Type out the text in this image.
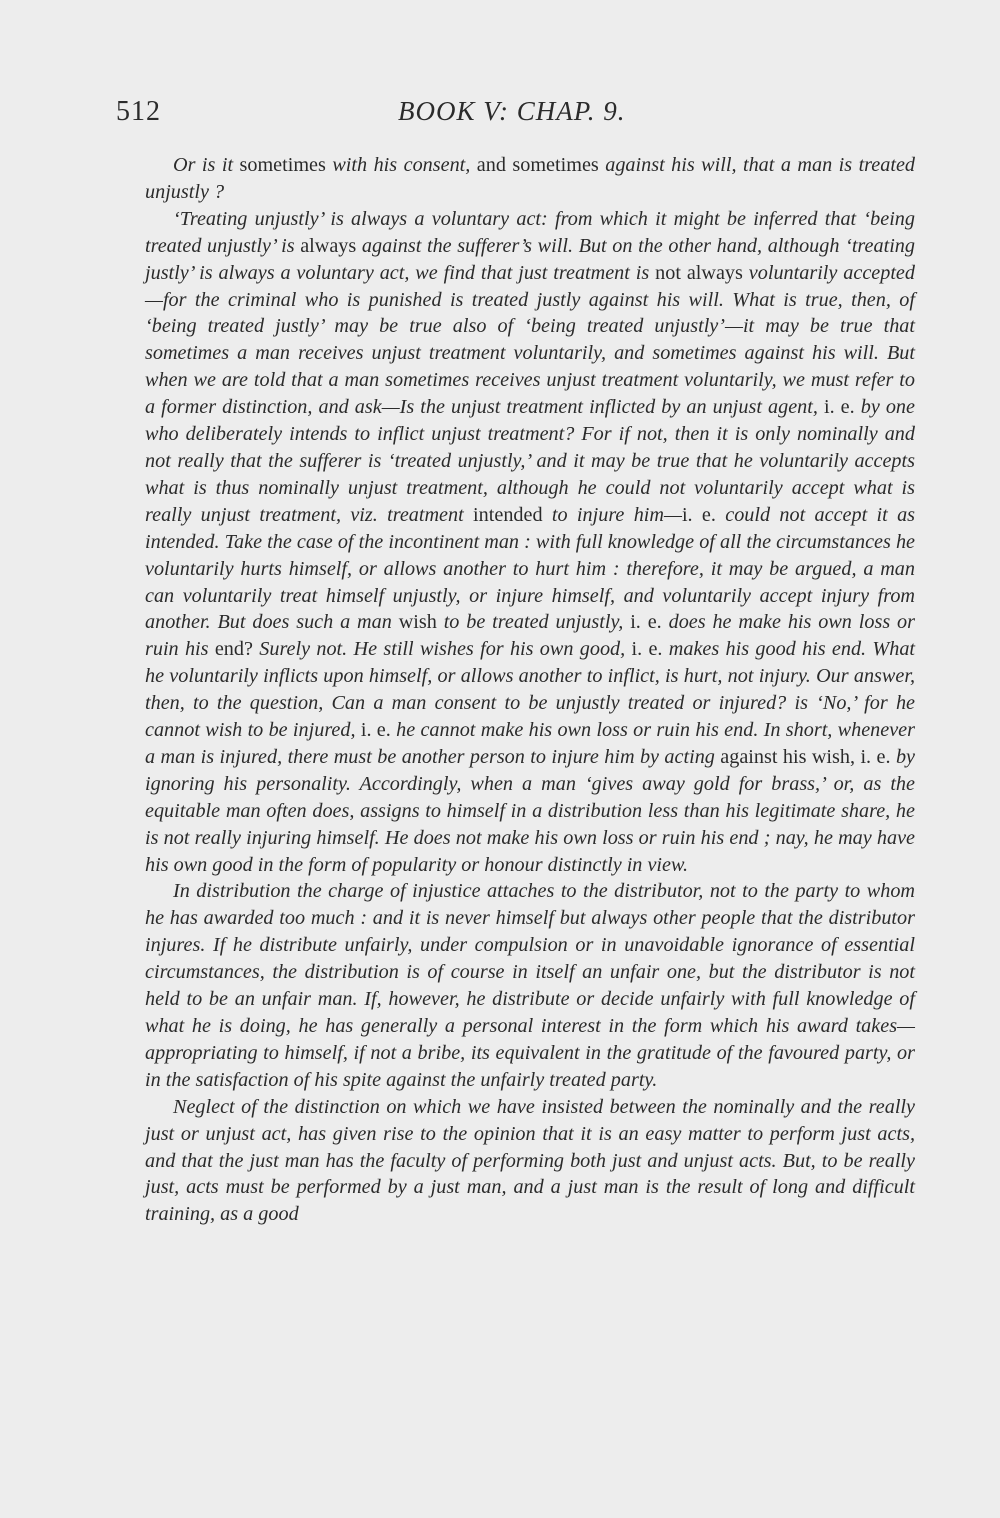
512	BOOK V: CHAP. 9.

Or is it sometimes with his consent, and sometimes against his will, that a man is treated unjustly ?

‘Treating unjustly’ is always a voluntary act: from which it might be inferred that ‘being treated unjustly’ is always against the sufferer’s will. But on the other hand, although ‘treating justly’ is always a voluntary act, we find that just treatment is not always voluntarily accepted—for the criminal who is punished is treated justly against his will. What is true, then, of ‘being treated justly’ may be true also of ‘being treated unjustly’—it may be true that sometimes a man receives unjust treatment voluntarily, and sometimes against his will. But when we are told that a man sometimes receives unjust treatment voluntarily, we must refer to a former distinction, and ask—Is the unjust treatment inflicted by an unjust agent, i. e. by one who deliberately intends to inflict unjust treatment? For if not, then it is only nominally and not really that the sufferer is ‘treated unjustly,’ and it may be true that he voluntarily accepts what is thus nominally unjust treatment, although he could not voluntarily accept what is really unjust treatment, viz. treatment intended to injure him—i. e. could not accept it as intended. Take the case of the incontinent man : with full knowledge of all the circumstances he voluntarily hurts himself, or allows another to hurt him : therefore, it may be argued, a man can voluntarily treat himself unjustly, or injure himself, and voluntarily accept injury from another. But does such a man wish to be treated unjustly, i. e. does he make his own loss or ruin his end? Surely not. He still wishes for his own good, i. e. makes his good his end. What he voluntarily inflicts upon himself, or allows another to inflict, is hurt, not injury. Our answer, then, to the question, Can a man consent to be unjustly treated or injured? is ‘No,’ for he cannot wish to be injured, i. e. he cannot make his own loss or ruin his end. In short, whenever a man is injured, there must be another person to injure him by acting against his wish, i. e. by ignoring his personality. Accordingly, when a man ‘gives away gold for brass,’ or, as the equitable man often does, assigns to himself in a distribution less than his legitimate share, he is not really injuring himself. He does not make his own loss or ruin his end ; nay, he may have his own good in the form of popularity or honour distinctly in view.

In distribution the charge of injustice attaches to the distributor, not to the party to whom he has awarded too much : and it is never himself but always other people that the distributor injures. If he distribute unfairly, under compulsion or in unavoidable ignorance of essential circumstances, the distribution is of course in itself an unfair one, but the distributor is not held to be an unfair man. If, however, he distribute or decide unfairly with full knowledge of what he is doing, he has generally a personal interest in the form which his award takes—appropriating to himself, if not a bribe, its equivalent in the gratitude of the favoured party, or in the satisfaction of his spite against the unfairly treated party.

Neglect of the distinction on which we have insisted between the nominally and the really just or unjust act, has given rise to the opinion that it is an easy matter to perform just acts, and that the just man has the faculty of performing both just and unjust acts. But, to be really just, acts must be performed by a just man, and a just man is the result of long and difficult training, as a good
